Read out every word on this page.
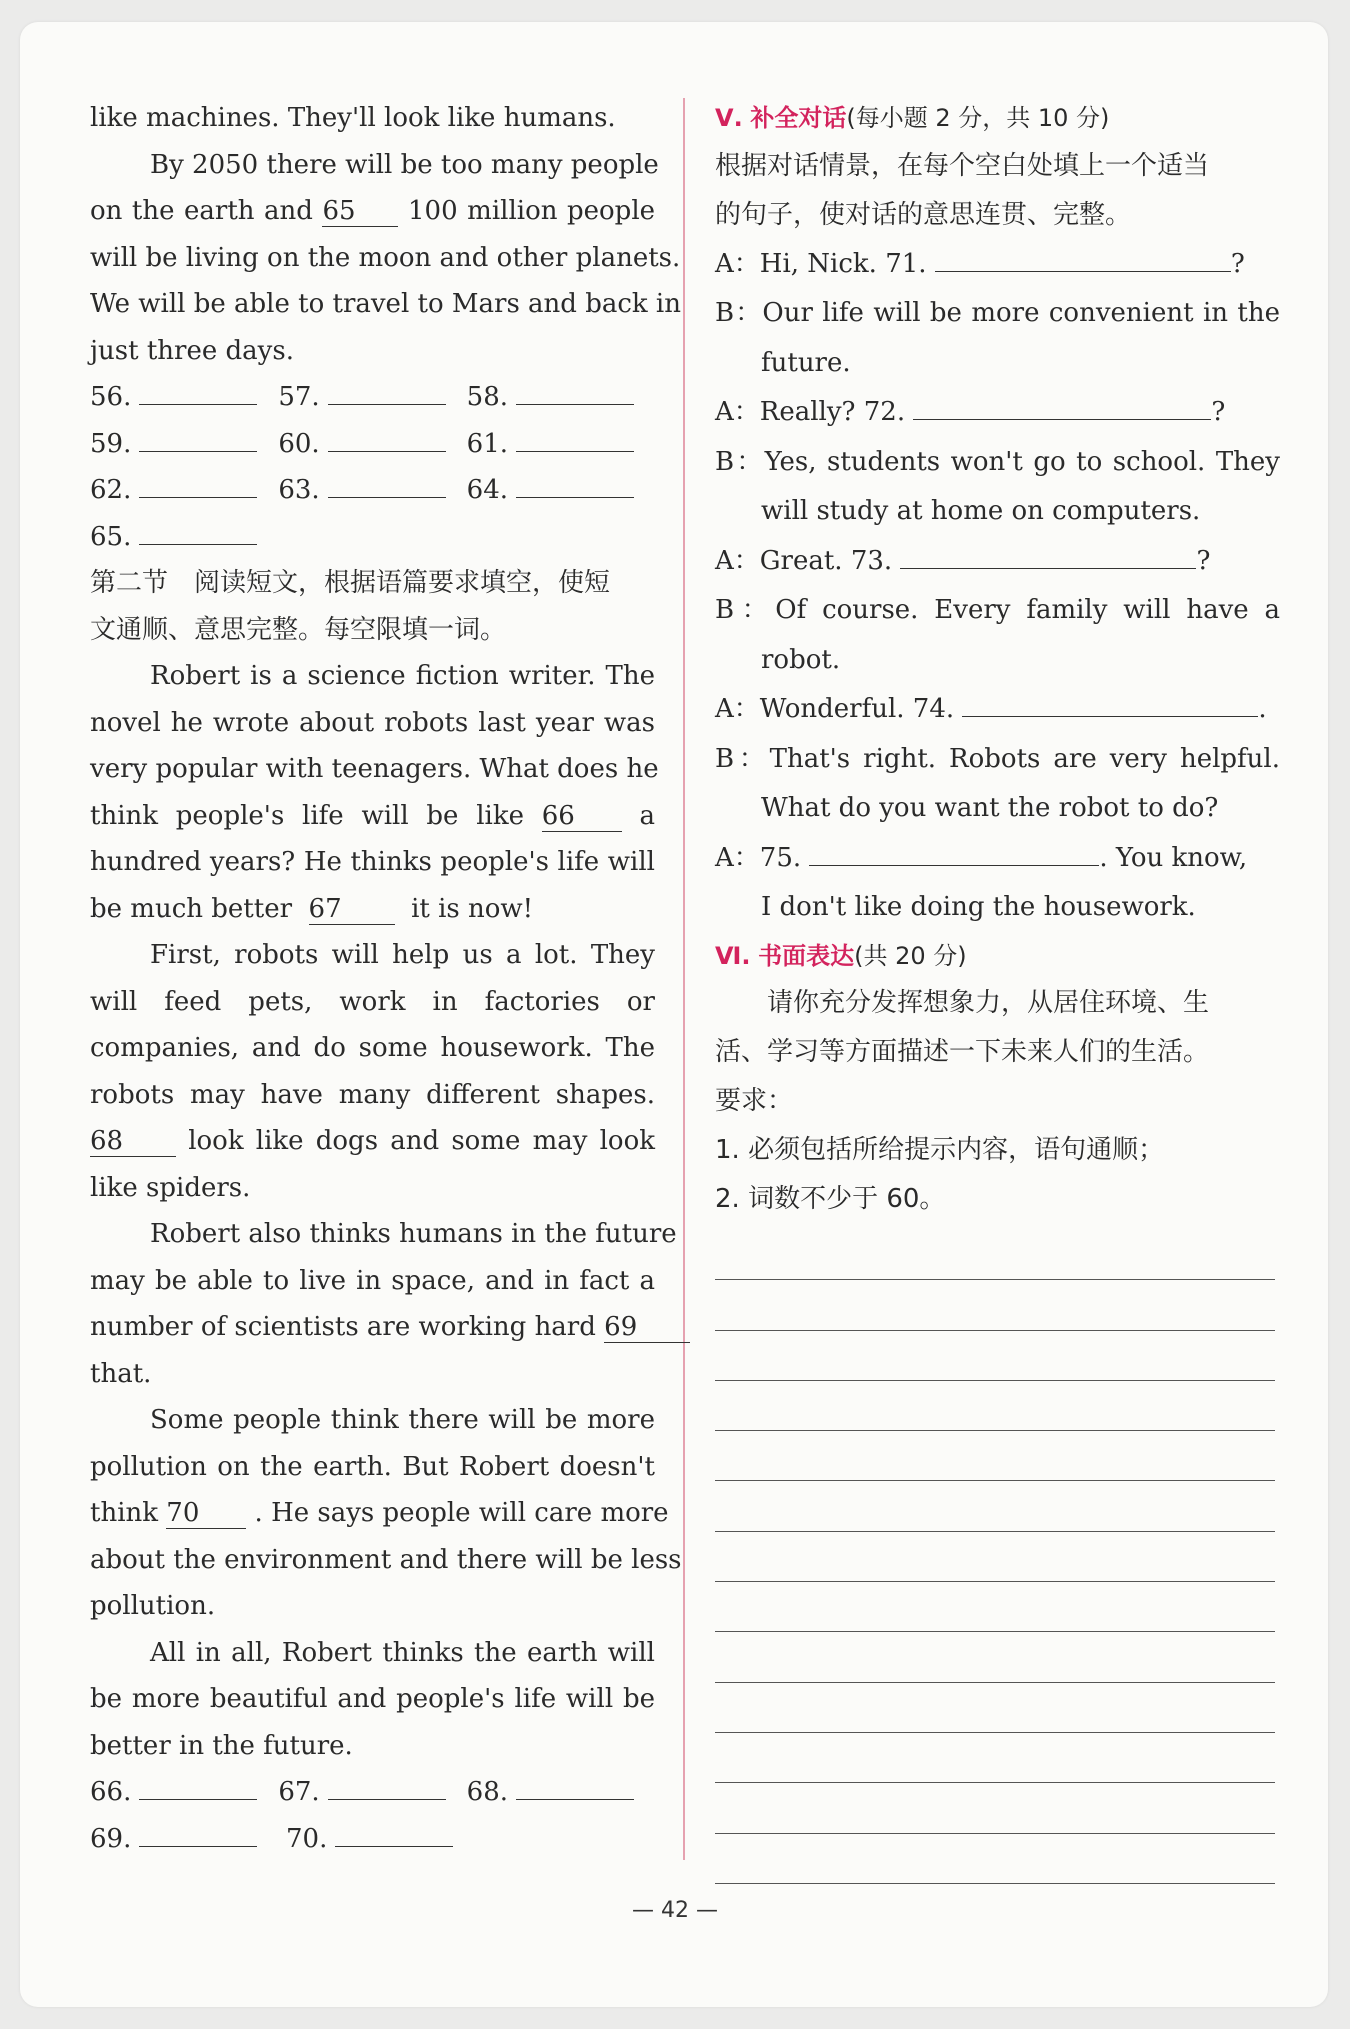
like machines. They'll look like humans.
By 2050 there will be too many people
on the earth and 65 100 million people
will be living on the moon and other planets.
We will be able to travel to Mars and back in
just three days.
56.	57.	58.
59.	60.	61.
62.	63.	64.
65.
第二节　阅读短文，根据语篇要求填空，使短
文通顺、意思完整。每空限填一词。
Robert is a science fiction writer. The
novel he wrote about robots last year was
very popular with teenagers. What does he
think people's life will be like 66 a
hundred years? He thinks people's life will
be much better 67	it is now!
First, robots will help us a lot. They
will feed pets, work in factories or
companies, and do some housework. The
robots may have many different shapes.
68	look like dogs and some may look
like spiders.
Robert also thinks humans in the future
may be able to live in space, and in fact a
number of scientists are working hard 69
that.
Some people think there will be more
pollution on the earth. But Robert doesn't
think 70 . He says people will care more
about the environment and there will be less
pollution.
All in all, Robert thinks the earth will
be more beautiful and people's life will be
better in the future.
66.	67.	68.
69.	70.
Ⅴ. 补全对话(每小题 2 分，共 10 分)
根据对话情景，在每个空白处填上一个适当
的句子，使对话的意思连贯、完整。
A：Hi, Nick. 71.	?
B：Our life will be more convenient in the
future.
A：Really? 72.	?
B：Yes, students won't go to school. They
will study at home on computers.
A：Great. 73.	?
B：Of course. Every family will have a
robot.
A：Wonderful. 74.	.
B：That's right. Robots are very helpful.
What do you want the robot to do?
A：75.	. You know,
I don't like doing the housework.
Ⅵ. 书面表达(共 20 分)
请你充分发挥想象力，从居住环境、生
活、学习等方面描述一下未来人们的生活。
要求：
1. 必须包括所给提示内容，语句通顺；
2. 词数不少于 60。
— 42 —
